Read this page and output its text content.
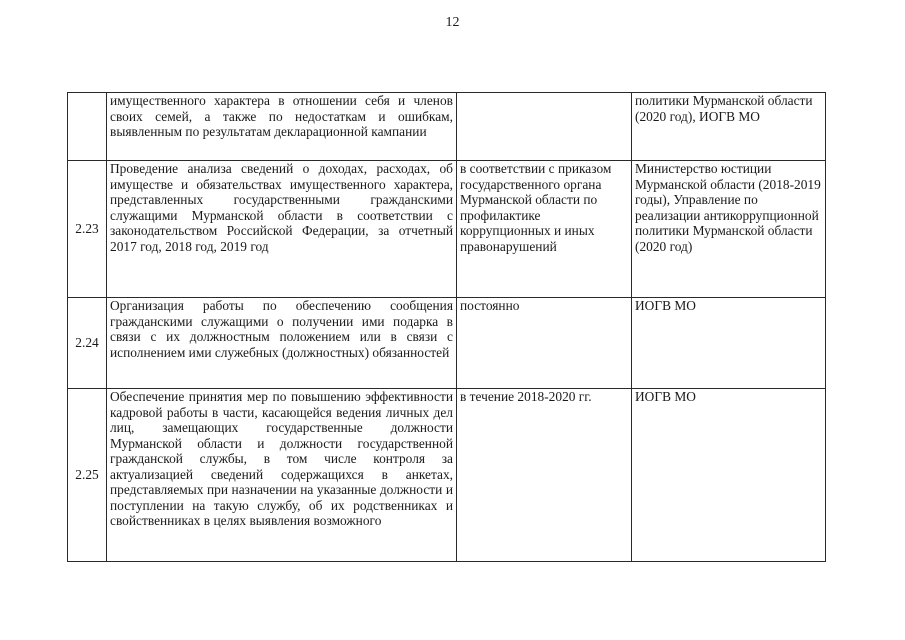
12

	имущественного характера в отношении себя и членов своих семей, а также по недостаткам и ошибкам, выявленным по результатам декларационной кампании		политики Мурманской области (2020 год), ИОГВ МО

2.23	Проведение анализа сведений о доходах, расходах, об имуществе и обязательствах имущественного характера, представленных государственными гражданскими служащими Мурманской области в соответствии с законодательством Российской Федерации, за отчетный 2017 год, 2018 год, 2019 год	в соответствии с приказом государственного органа Мурманской области по профилактике коррупционных и иных правонарушений	Министерство юстиции Мурманской области (2018-2019 годы), Управление по реализации антикоррупционной политики Мурманской области (2020 год)

2.24	Организация работы по обеспечению сообщения гражданскими служащими о получении ими подарка в связи с их должностным положением или в связи с исполнением ими служебных (должностных) обязанностей	постоянно	ИОГВ МО

2.25	Обеспечение принятия мер по повышению эффективности кадровой работы в части, касающейся ведения личных дел лиц, замещающих государственные должности Мурманской области и должности государственной гражданской службы, в том числе контроля за актуализацией сведений содержащихся в анкетах, представляемых при назначении на указанные должности и поступлении на такую службу, об их родственниках и свойственниках в целях выявления возможного	в течение 2018-2020 гг.	ИОГВ МО
